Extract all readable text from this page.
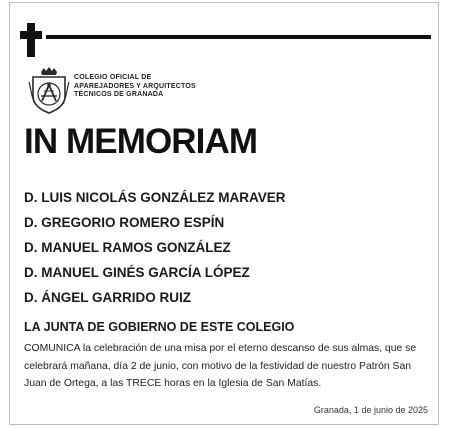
COLEGIO OFICIAL DE
APAREJADORES Y ARQUITECTOS
TÉCNICOS DE GRANADA
IN MEMORIAM
D. LUIS NICOLÁS GONZÁLEZ MARAVER
D. GREGORIO ROMERO ESPÍN
D. MANUEL RAMOS GONZÁLEZ
D. MANUEL GINÉS GARCÍA LÓPEZ
D. ÁNGEL GARRIDO RUIZ
LA JUNTA DE GOBIERNO DE ESTE COLEGIO
COMUNICA la celebración de una misa por el eterno descanso de sus almas, que se celebrará mañana, día 2 de junio, con motivo de la festividad de nuestro Patrón San Juan de Ortega, a las TRECE horas en la Iglesia de San Matías.
Granada, 1 de junio de 2025
